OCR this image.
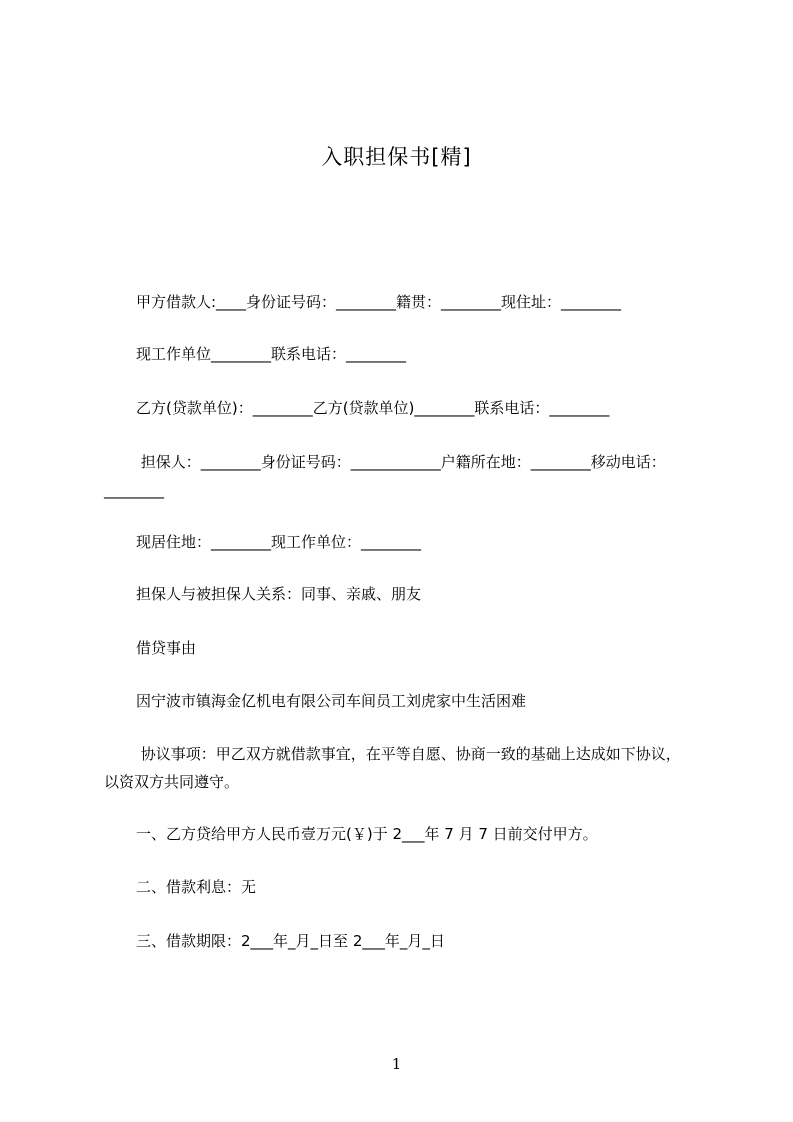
入职担保书[精]
甲方借款人:____身份证号码：________籍贯：________现住址：________
现工作单位________联系电话：________
乙方(贷款单位)：________乙方(贷款单位)________联系电话：________
担保人：________身份证号码：____________户籍所在地：________移动电话：________
现居住地：________现工作单位：________
担保人与被担保人关系：同事、亲戚、朋友
借贷事由
因宁波市镇海金亿机电有限公司车间员工刘虎家中生活困难
协议事项：甲乙双方就借款事宜，在平等自愿、协商一致的基础上达成如下协议，以资双方共同遵守。
一、乙方贷给甲方人民币壹万元(￥)于 2___年 7 月 7 日前交付甲方。
二、借款利息：无
三、借款期限：2___年_月_日至 2___年_月_日
1
